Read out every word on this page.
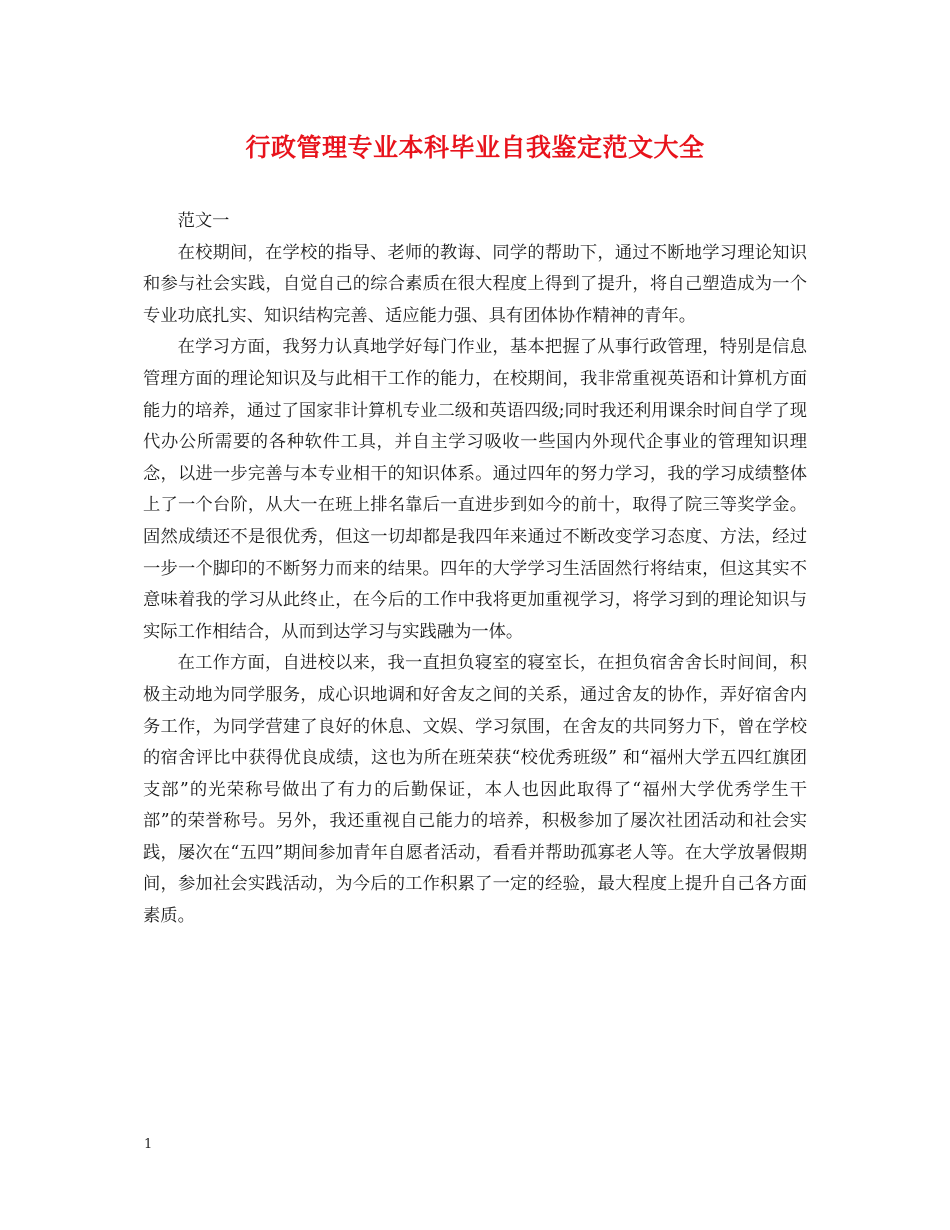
行政管理专业本科毕业自我鉴定范文大全

范文一

在校期间，在学校的指导、老师的教诲、同学的帮助下，通过不断地学习理论知识和参与社会实践，自觉自己的综合素质在很大程度上得到了提升，将自己塑造成为一个专业功底扎实、知识结构完善、适应能力强、具有团体协作精神的青年。

在学习方面，我努力认真地学好每门作业，基本把握了从事行政管理，特别是信息管理方面的理论知识及与此相干工作的能力，在校期间，我非常重视英语和计算机方面能力的培养，通过了国家非计算机专业二级和英语四级;同时我还利用课余时间自学了现代办公所需要的各种软件工具，并自主学习吸收一些国内外现代企事业的管理知识理念，以进一步完善与本专业相干的知识体系。通过四年的努力学习，我的学习成绩整体上了一个台阶，从大一在班上排名靠后一直进步到如今的前十，取得了院三等奖学金。固然成绩还不是很优秀，但这一切却都是我四年来通过不断改变学习态度、方法，经过一步一个脚印的不断努力而来的结果。四年的大学学习生活固然行将结束，但这其实不意味着我的学习从此终止，在今后的工作中我将更加重视学习，将学习到的理论知识与实际工作相结合，从而到达学习与实践融为一体。

在工作方面，自进校以来，我一直担负寝室的寝室长，在担负宿舍舍长时间间，积极主动地为同学服务，成心识地调和好舍友之间的关系，通过舍友的协作，弄好宿舍内务工作，为同学营建了良好的休息、文娱、学习氛围，在舍友的共同努力下，曾在学校的宿舍评比中获得优良成绩，这也为所在班荣获“校优秀班级” 和“福州大学五四红旗团支部”的光荣称号做出了有力的后勤保证，本人也因此取得了“福州大学优秀学生干部”的荣誉称号。另外，我还重视自己能力的培养，积极参加了屡次社团活动和社会实践，屡次在“五四”期间参加青年自愿者活动，看看并帮助孤寡老人等。在大学放暑假期间，参加社会实践活动，为今后的工作积累了一定的经验，最大程度上提升自己各方面素质。

1
